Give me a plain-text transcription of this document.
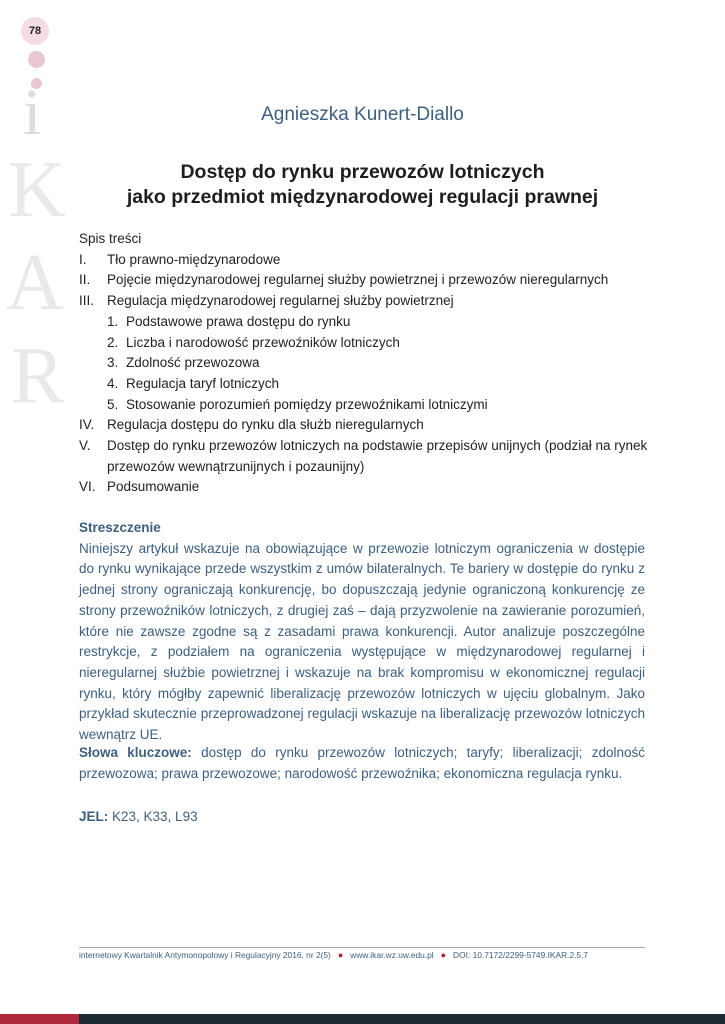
78
i
K
A
R
Agnieszka Kunert-Diallo
Dostęp do rynku przewozów lotniczych
jako przedmiot międzynarodowej regulacji prawnej
Spis treści
I. Tło prawno-międzynarodowe
II. Pojęcie międzynarodowej regularnej służby powietrznej i przewozów nieregularnych
III. Regulacja międzynarodowej regularnej służby powietrznej
1. Podstawowe prawa dostępu do rynku
2. Liczba i narodowość przewoźników lotniczych
3. Zdolność przewozowa
4. Regulacja taryf lotniczych
5. Stosowanie porozumień pomiędzy przewoźnikami lotniczymi
IV. Regulacja dostępu do rynku dla służb nieregularnych
V. Dostęp do rynku przewozów lotniczych na podstawie przepisów unijnych (podział na rynek przewozów wewnątrzunijnych i pozaunijny)
VI. Podsumowanie
Streszczenie
Niniejszy artykuł wskazuje na obowiązujące w przewozie lotniczym ograniczenia w dostępie do rynku wynikające przede wszystkim z umów bilateralnych. Te bariery w dostępie do rynku z jednej strony ograniczają konkurencję, bo dopuszczają jedynie ograniczoną konkurencję ze strony przewoźników lotniczych, z drugiej zaś – dają przyzwolenie na zawieranie porozumień, które nie zawsze zgodne są z zasadami prawa konkurencji. Autor analizuje poszczególne restrykcje, z podziałem na ograniczenia występujące w międzynarodowej regularnej i nieregularnej służbie powietrznej i wskazuje na brak kompromisu w ekonomicznej regulacji rynku, który mógłby zapewnić liberalizację przewozów lotniczych w ujęciu globalnym. Jako przykład skutecznie przeprowadzonej regulacji wskazuje na liberalizację przewozów lotniczych wewnątrz UE.
Słowa kluczowe: dostęp do rynku przewozów lotniczych; taryfy; liberalizacji; zdolność przewozowa; prawa przewozowe; narodowość przewoźnika; ekonomiczna regulacja rynku.
JEL: K23, K33, L93
internetowy Kwartalnik Antymonopolowy i Regulacyjny 2016, nr 2(5) ● www.ikar.wz.uw.edu.pl ● DOI: 10.7172/2299-5749.IKAR.2.5.7
